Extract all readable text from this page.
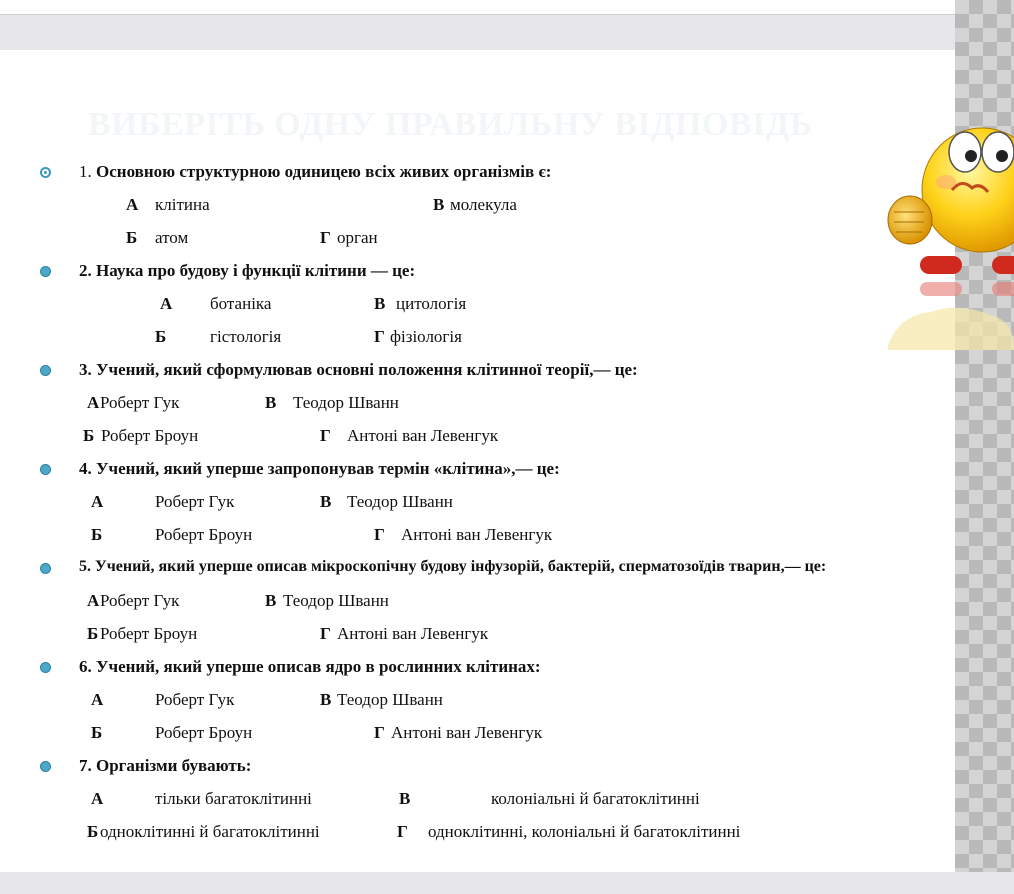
ВИБЕРІТЬ ОДНУ ПРАВИЛЬНУ ВІДПОВІДЬ
1. Основною структурною одиницею всіх живих організмів є:
А клітина	В молекула
Б атом	Г орган
2. Наука про будову і функції клітини — це:
А ботаніка	В цитологія
Б	гістологія	Г фізіологія
3. Учений, який сформулював основні положення клітинної теорії,— це:
А Роберт Гук	В Теодор Шванн
Б Роберт Броун	Г Антоні ван Левенгук
4. Учений, який уперше запропонував термін «клітина»,— це:
А	Роберт Гук	В Теодор Шванн
Б	Роберт Броун	Г Антоні ван Левенгук
5. Учений, який уперше описав мікроскопічну будову інфузорій, бактерій, сперматозоїдів тварин,— це:
А Роберт Гук	В Теодор Шванн
Б Роберт Броун	Г Антоні ван Левенгук
6. Учений, який уперше описав ядро в рослинних клітинах:
А	Роберт Гук	В Теодор Шванн
Б	Роберт Броун	Г Антоні ван Левенгук
7. Організми бувають:
А	тільки багатоклітинні	В	колоніальні й багатоклітинні
Б одноклітинні й багатоклітинні	Г одноклітинні, колоніальні й багатоклітинні
